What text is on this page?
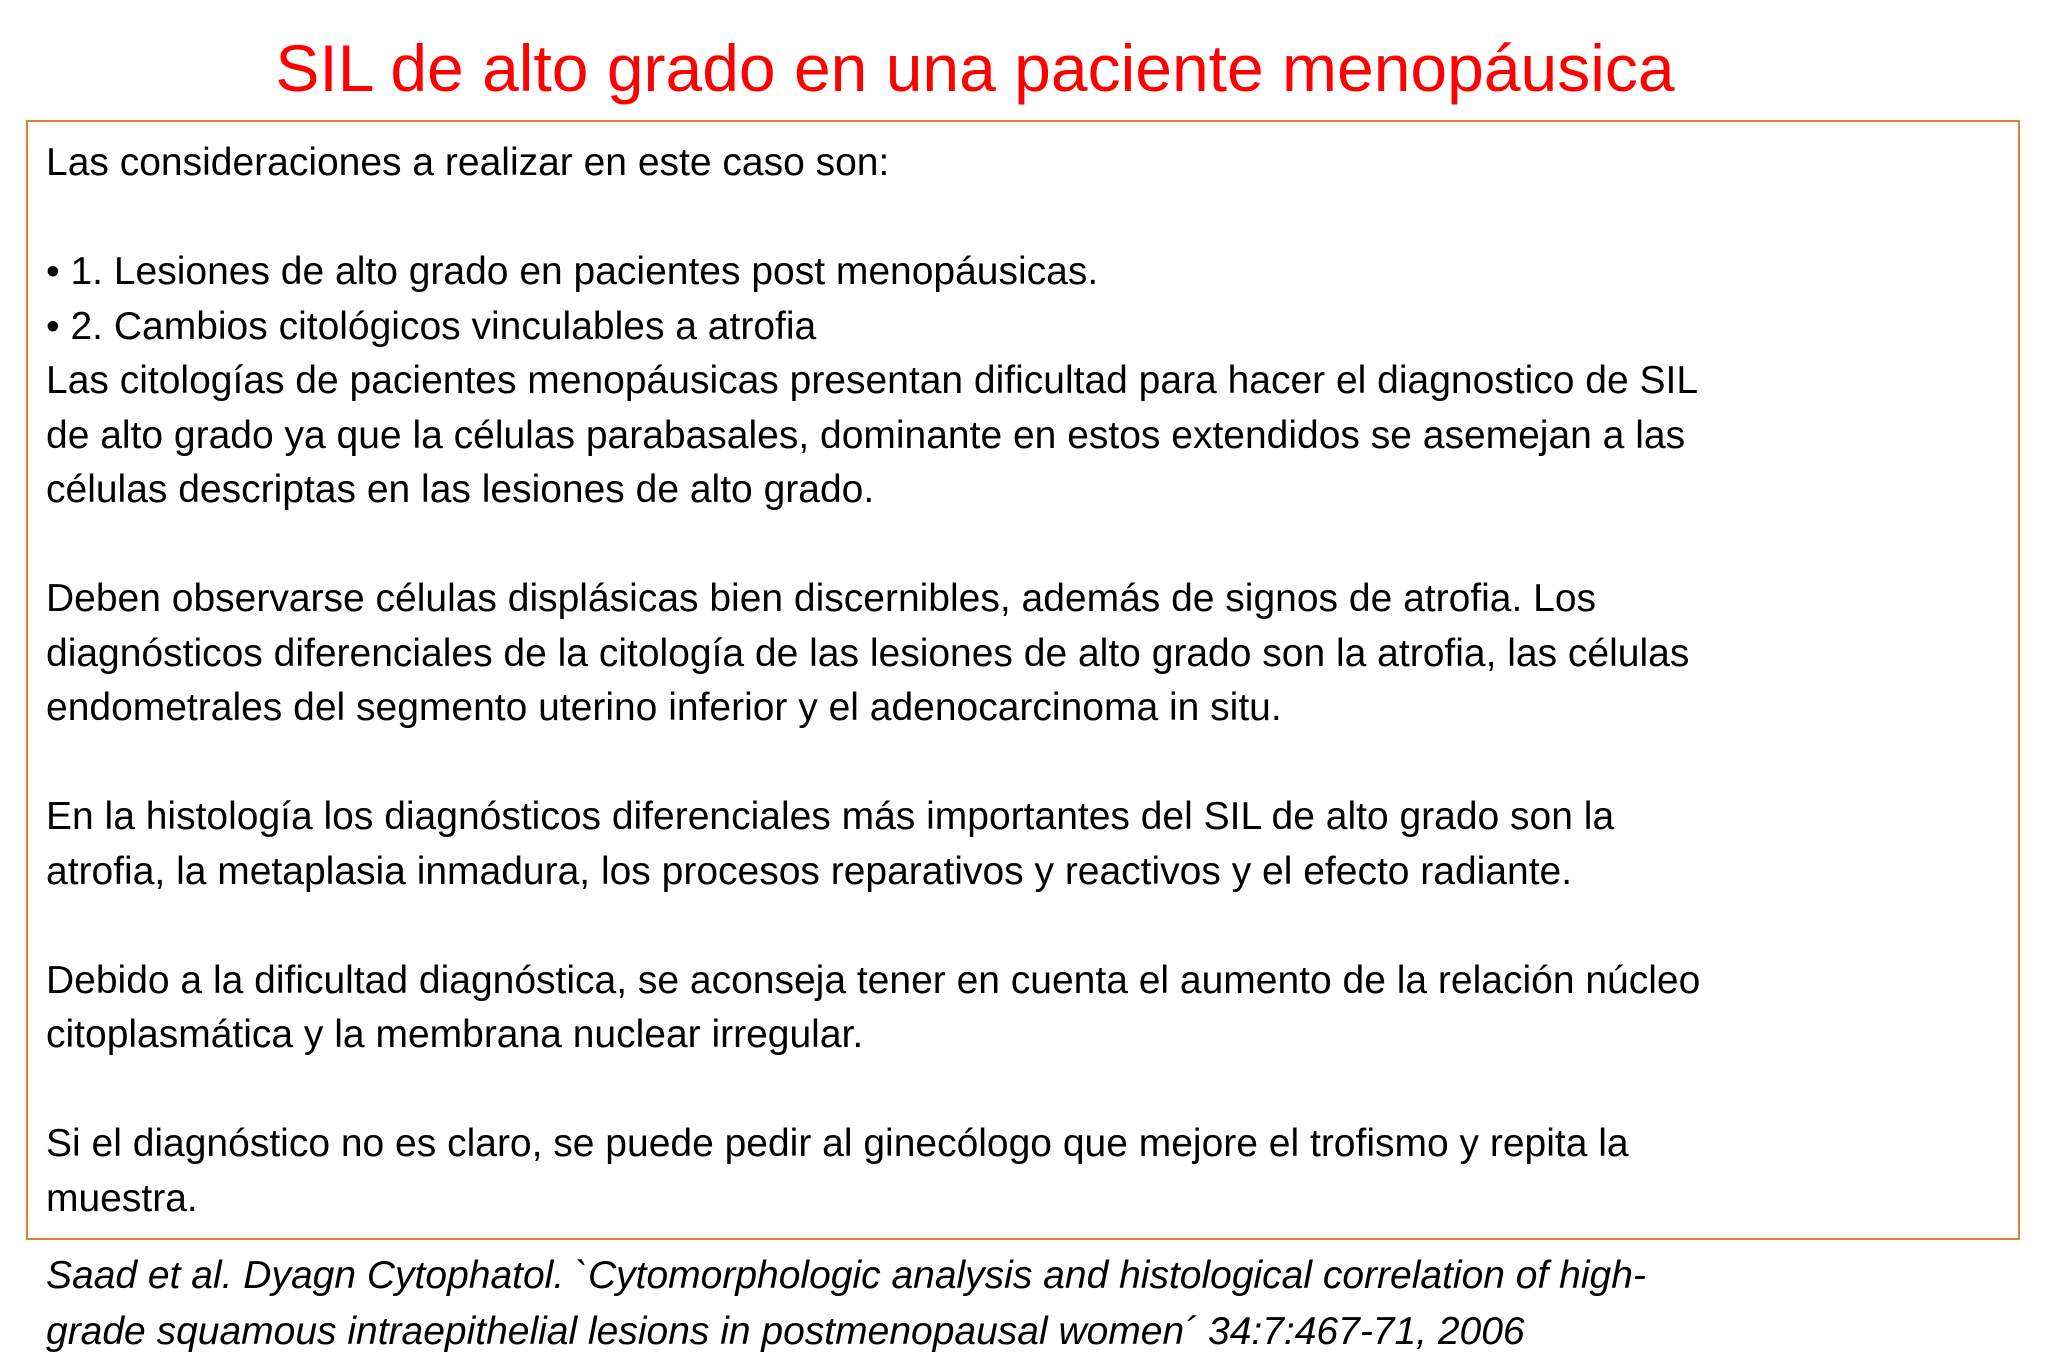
SIL de alto grado en una paciente menopáusica

Las consideraciones a realizar en este caso son:

• 1. Lesiones de alto grado en pacientes post menopáusicas.

• 2. Cambios citológicos vinculables a atrofia

Las citologías de pacientes menopáusicas presentan dificultad para hacer el diagnostico de SIL

de alto grado ya que la células parabasales, dominante en estos extendidos se asemejan a las

células descriptas en las lesiones de alto grado.

Deben observarse células displásicas bien discernibles, además de signos de atrofia. Los

diagnósticos diferenciales de la citología de las lesiones de alto grado son la atrofia, las células

endometrales del segmento uterino inferior y el adenocarcinoma in situ.

En la histología los diagnósticos diferenciales más importantes del SIL de alto grado son la

atrofia, la metaplasia inmadura, los procesos reparativos y reactivos y el efecto radiante.

Debido a la dificultad diagnóstica, se aconseja tener en cuenta el aumento de la relación núcleo

citoplasmática y la membrana nuclear irregular.

Si el diagnóstico no es claro, se puede pedir al ginecólogo que mejore el trofismo y repita la

muestra.

Saad et al. Dyagn Cytophatol. `Cytomorphologic analysis and histological correlation of high-

grade squamous intraepithelial lesions in postmenopausal women´ 34:7:467-71, 2006
